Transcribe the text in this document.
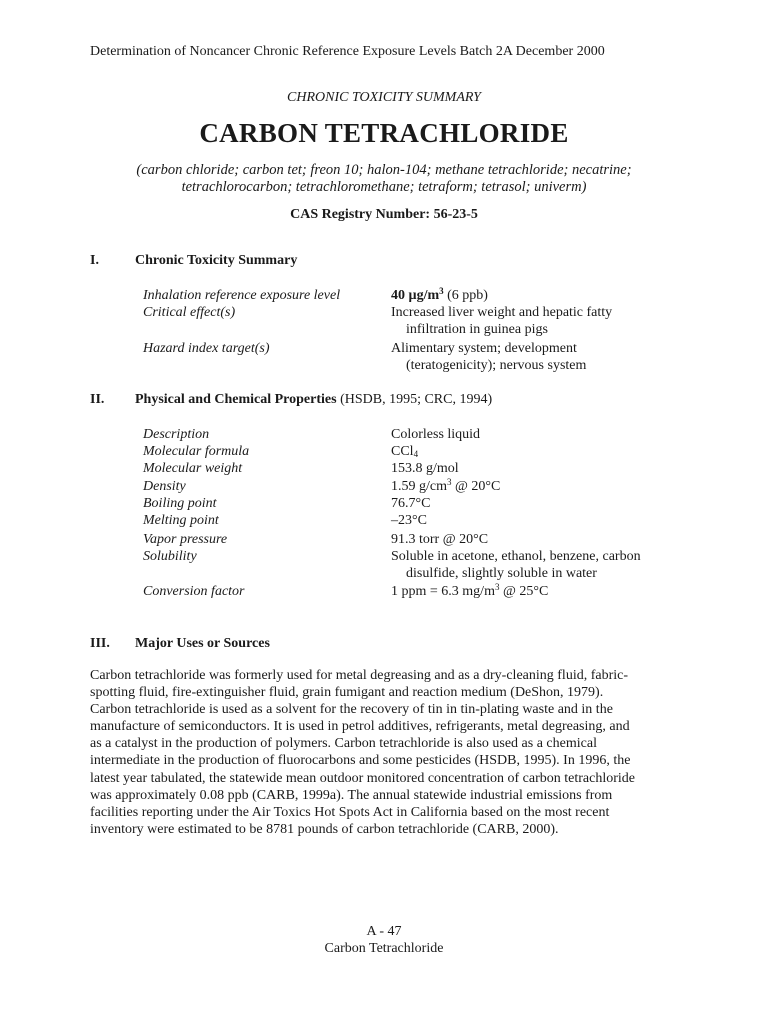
Determination of Noncancer Chronic Reference Exposure Levels Batch 2A December 2000
CHRONIC TOXICITY SUMMARY
CARBON TETRACHLORIDE
(carbon chloride; carbon tet; freon 10; halon-104; methane tetrachloride; necatrine;
tetrachlorocarbon; tetrachloromethane; tetraform; tetrasol; univerm)
CAS Registry Number: 56-23-5
I.	Chronic Toxicity Summary
Inhalation reference exposure level	40 $\mu g/m^3$ (6 ppb)
Critical effect(s)	Increased liver weight and hepatic fatty
infiltration in guinea pigs
Hazard index target(s)	Alimentary system; development
(teratogenicity); nervous system
II. Physical and Chemical Properties (HSDB, 1995; CRC, 1994)
Description	Colorless liquid
Molecular formula	CCl$_4$
Molecular weight	153.8 g/mol
Density	1.59 $g/cm^3$ @ 20°C
Boiling point	76.7°C
Melting point	–23°C
Vapor pressure	91.3 torr @ 20°C
Solubility	Soluble in acetone, ethanol, benzene, carbon
disulfide, slightly soluble in water
Conversion factor	1 ppm = 6.3 $mg/m^3$ @ 25°C
III. Major Uses or Sources
Carbon tetrachloride was formerly used for metal degreasing and as a dry-cleaning fluid, fabric-
spotting fluid, fire-extinguisher fluid, grain fumigant and reaction medium (DeShon, 1979).
Carbon tetrachloride is used as a solvent for the recovery of tin in tin-plating waste and in the
manufacture of semiconductors. It is used in petrol additives, refrigerants, metal degreasing, and
as a catalyst in the production of polymers. Carbon tetrachloride is also used as a chemical
intermediate in the production of fluorocarbons and some pesticides (HSDB, 1995). In 1996, the
latest year tabulated, the statewide mean outdoor monitored concentration of carbon tetrachloride
was approximately 0.08 ppb (CARB, 1999a). The annual statewide industrial emissions from
facilities reporting under the Air Toxics Hot Spots Act in California based on the most recent
inventory were estimated to be 8781 pounds of carbon tetrachloride (CARB, 2000).
A - 47
Carbon Tetrachloride
